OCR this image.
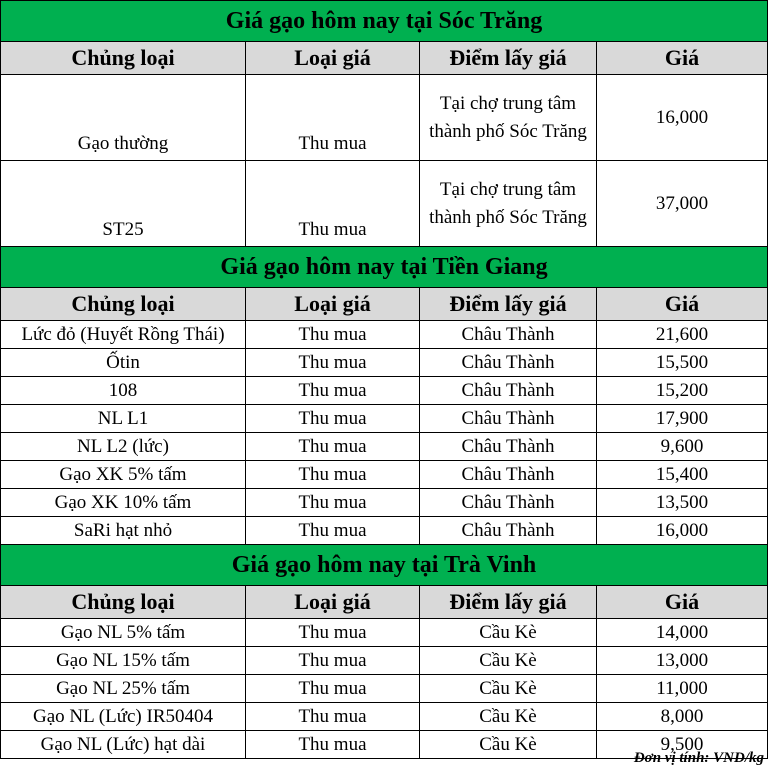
Giá gạo hôm nay tại Sóc Trăng			
Chủng loại	Loại giá	Điểm lấy giá	Giá
Gạo thường	Thu mua	Tại chợ trung tâm thành phố Sóc Trăng	16,000
ST25	Thu mua	Tại chợ trung tâm thành phố Sóc Trăng	37,000
Giá gạo hôm nay tại Tiền Giang			
Chủng loại	Loại giá	Điểm lấy giá	Giá
Lức đỏ (Huyết Rồng Thái)	Thu mua	Châu Thành	21,600
Ốtin	Thu mua	Châu Thành	15,500
108	Thu mua	Châu Thành	15,200
NL L1	Thu mua	Châu Thành	17,900
NL L2 (lức)	Thu mua	Châu Thành	9,600
Gạo XK 5% tấm	Thu mua	Châu Thành	15,400
Gạo XK 10% tấm	Thu mua	Châu Thành	13,500
SaRi hạt nhỏ	Thu mua	Châu Thành	16,000
Giá gạo hôm nay tại Trà Vinh			
Chủng loại	Loại giá	Điểm lấy giá	Giá
Gạo NL 5% tấm	Thu mua	Cầu Kè	14,000
Gạo NL 15% tấm	Thu mua	Cầu Kè	13,000
Gạo NL 25% tấm	Thu mua	Cầu Kè	11,000
Gạo NL (Lức) IR50404	Thu mua	Cầu Kè	8,000
Gạo NL (Lức) hạt dài	Thu mua	Cầu Kè	9,500
Đơn vị tính: VND/kg
